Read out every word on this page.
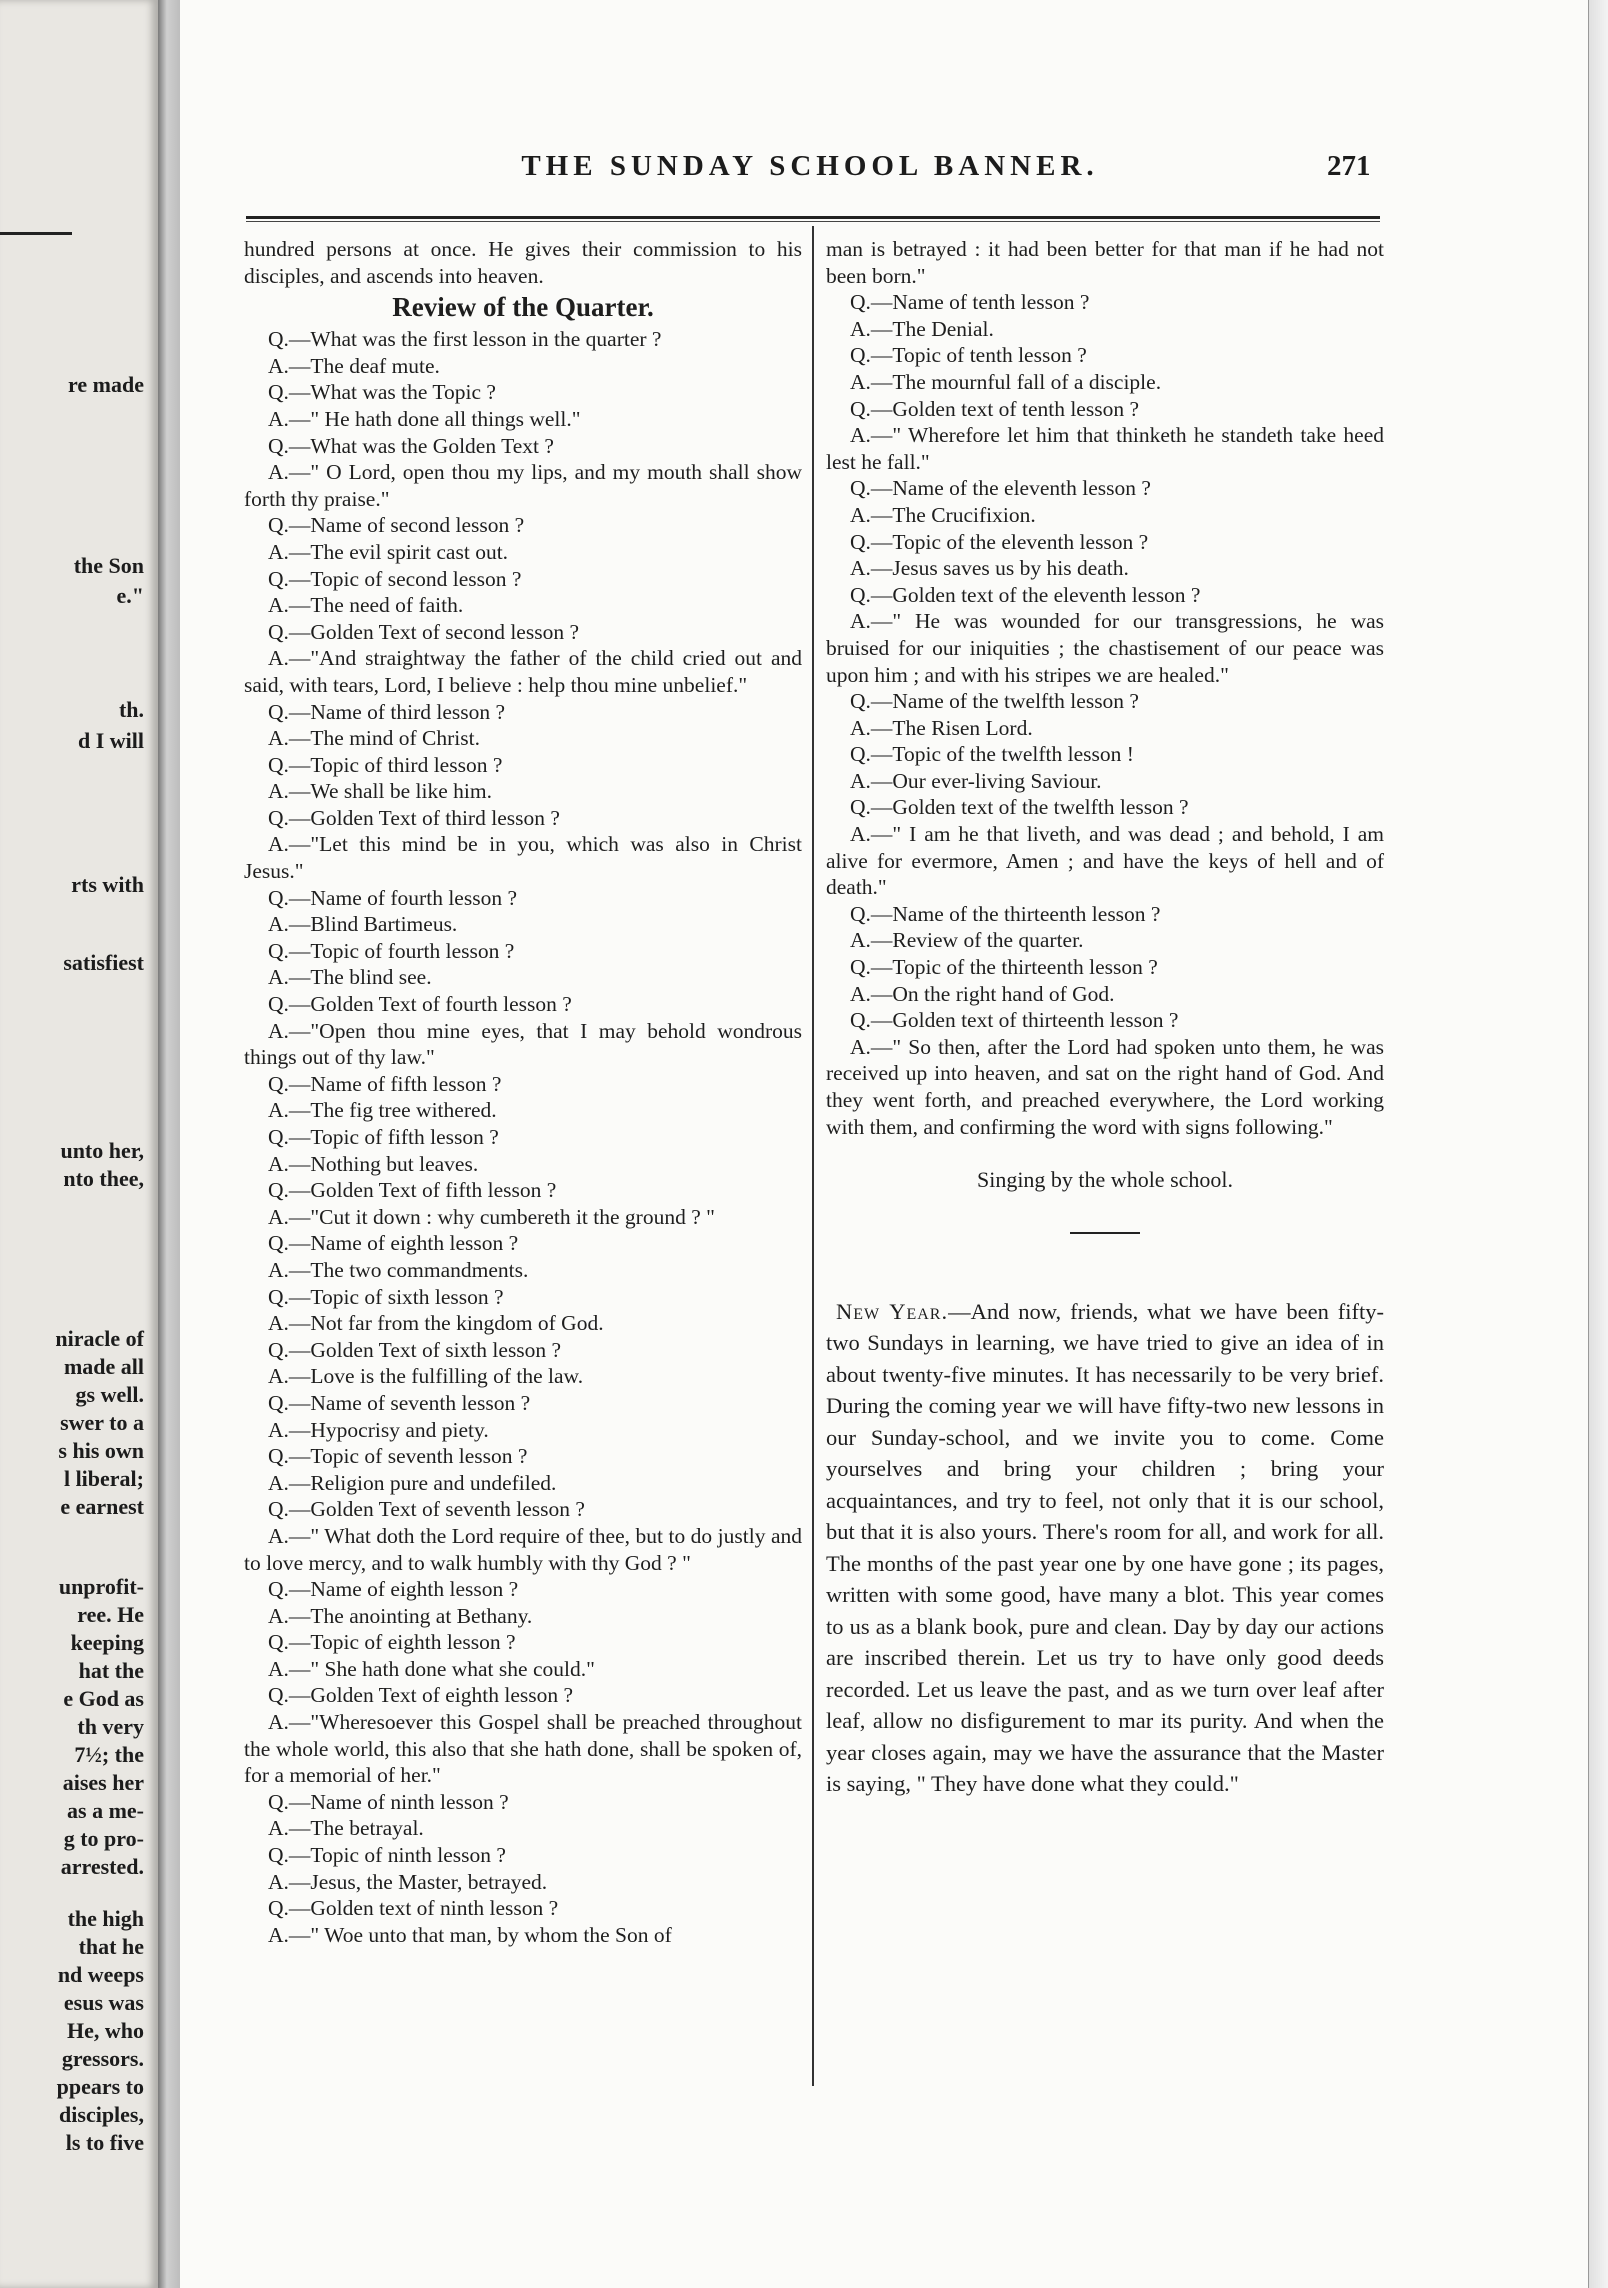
re made
the Son
e."
th.
d I will
rts with
satisfiest
unto her,
nto thee,
niracle of
made all
gs well.
swer to a
s his own
l liberal;
e earnest
unprofit-
ree. He
keeping
hat the
e God as
th very
7½; the
aises her
as a me-
g to pro-
arrested.
the high
that he
nd weeps
esus was
He, who
gressors.
ppears to
disciples,
ls to five
THE SUNDAY SCHOOL BANNER.	271

hundred persons at once. He gives their commission to his disciples, and ascends into heaven.

Review of the Quarter.

Q.—What was the first lesson in the quarter ?

A.—The deaf mute.

Q.—What was the Topic ?

A.—" He hath done all things well."

Q.—What was the Golden Text ?

A.—" O Lord, open thou my lips, and my mouth shall show forth thy praise."

Q.—Name of second lesson ?

A.—The evil spirit cast out.

Q.—Topic of second lesson ?

A.—The need of faith.

Q.—Golden Text of second lesson ?

A.—"And straightway the father of the child cried out and said, with tears, Lord, I believe : help thou mine unbelief."

Q.—Name of third lesson ?

A.—The mind of Christ.

Q.—Topic of third lesson ?

A.—We shall be like him.

Q.—Golden Text of third lesson ?

A.—"Let this mind be in you, which was also in Christ Jesus."

Q.—Name of fourth lesson ?

A.—Blind Bartimeus.

Q.—Topic of fourth lesson ?

A.—The blind see.

Q.—Golden Text of fourth lesson ?

A.—"Open thou mine eyes, that I may behold wondrous things out of thy law."

Q.—Name of fifth lesson ?

A.—The fig tree withered.

Q.—Topic of fifth lesson ?

A.—Nothing but leaves.

Q.—Golden Text of fifth lesson ?

A.—"Cut it down : why cumbereth it the ground ? "

Q.—Name of eighth lesson ?

A.—The two commandments.

Q.—Topic of sixth lesson ?

A.—Not far from the kingdom of God.

Q.—Golden Text of sixth lesson ?

A.—Love is the fulfilling of the law.

Q.—Name of seventh lesson ?

A.—Hypocrisy and piety.

Q.—Topic of seventh lesson ?

A.—Religion pure and undefiled.

Q.—Golden Text of seventh lesson ?

A.—" What doth the Lord require of thee, but to do justly and to love mercy, and to walk humbly with thy God ? "

Q.—Name of eighth lesson ?

A.—The anointing at Bethany.

Q.—Topic of eighth lesson ?

A.—" She hath done what she could."

Q.—Golden Text of eighth lesson ?

A.—"Wheresoever this Gospel shall be preached throughout the whole world, this also that she hath done, shall be spoken of, for a memorial of her."

Q.—Name of ninth lesson ?

A.—The betrayal.

Q.—Topic of ninth lesson ?

A.—Jesus, the Master, betrayed.

Q.—Golden text of ninth lesson ?

A.—" Woe unto that man, by whom the Son of

man is betrayed : it had been better for that man if he had not been born."

Q.—Name of tenth lesson ?

A.—The Denial.

Q.—Topic of tenth lesson ?

A.—The mournful fall of a disciple.

Q.—Golden text of tenth lesson ?

A.—" Wherefore let him that thinketh he standeth take heed lest he fall."

Q.—Name of the eleventh lesson ?

A.—The Crucifixion.

Q.—Topic of the eleventh lesson ?

A.—Jesus saves us by his death.

Q.—Golden text of the eleventh lesson ?

A.—" He was wounded for our transgressions, he was bruised for our iniquities ; the chastisement of our peace was upon him ; and with his stripes we are healed."

Q.—Name of the twelfth lesson ?

A.—The Risen Lord.

Q.—Topic of the twelfth lesson !

A.—Our ever-living Saviour.

Q.—Golden text of the twelfth lesson ?

A.—" I am he that liveth, and was dead ; and behold, I am alive for evermore, Amen ; and have the keys of hell and of death."

Q.—Name of the thirteenth lesson ?

A.—Review of the quarter.

Q.—Topic of the thirteenth lesson ?

A.—On the right hand of God.

Q.—Golden text of thirteenth lesson ?

A.—" So then, after the Lord had spoken unto them, he was received up into heaven, and sat on the right hand of God. And they went forth, and preached everywhere, the Lord working with them, and confirming the word with signs following."

Singing by the whole school.

New Year.—And now, friends, what we have been fifty-two Sundays in learning, we have tried to give an idea of in about twenty-five minutes. It has necessarily to be very brief. During the coming year we will have fifty-two new lessons in our Sunday-school, and we invite you to come. Come yourselves and bring your children ; bring your acquaintances, and try to feel, not only that it is our school, but that it is also yours. There's room for all, and work for all. The months of the past year one by one have gone ; its pages, written with some good, have many a blot. This year comes to us as a blank book, pure and clean. Day by day our actions are inscribed therein. Let us try to have only good deeds recorded. Let us leave the past, and as we turn over leaf after leaf, allow no disfigurement to mar its purity. And when the year closes again, may we have the assurance that the Master is saying, " They have done what they could."
